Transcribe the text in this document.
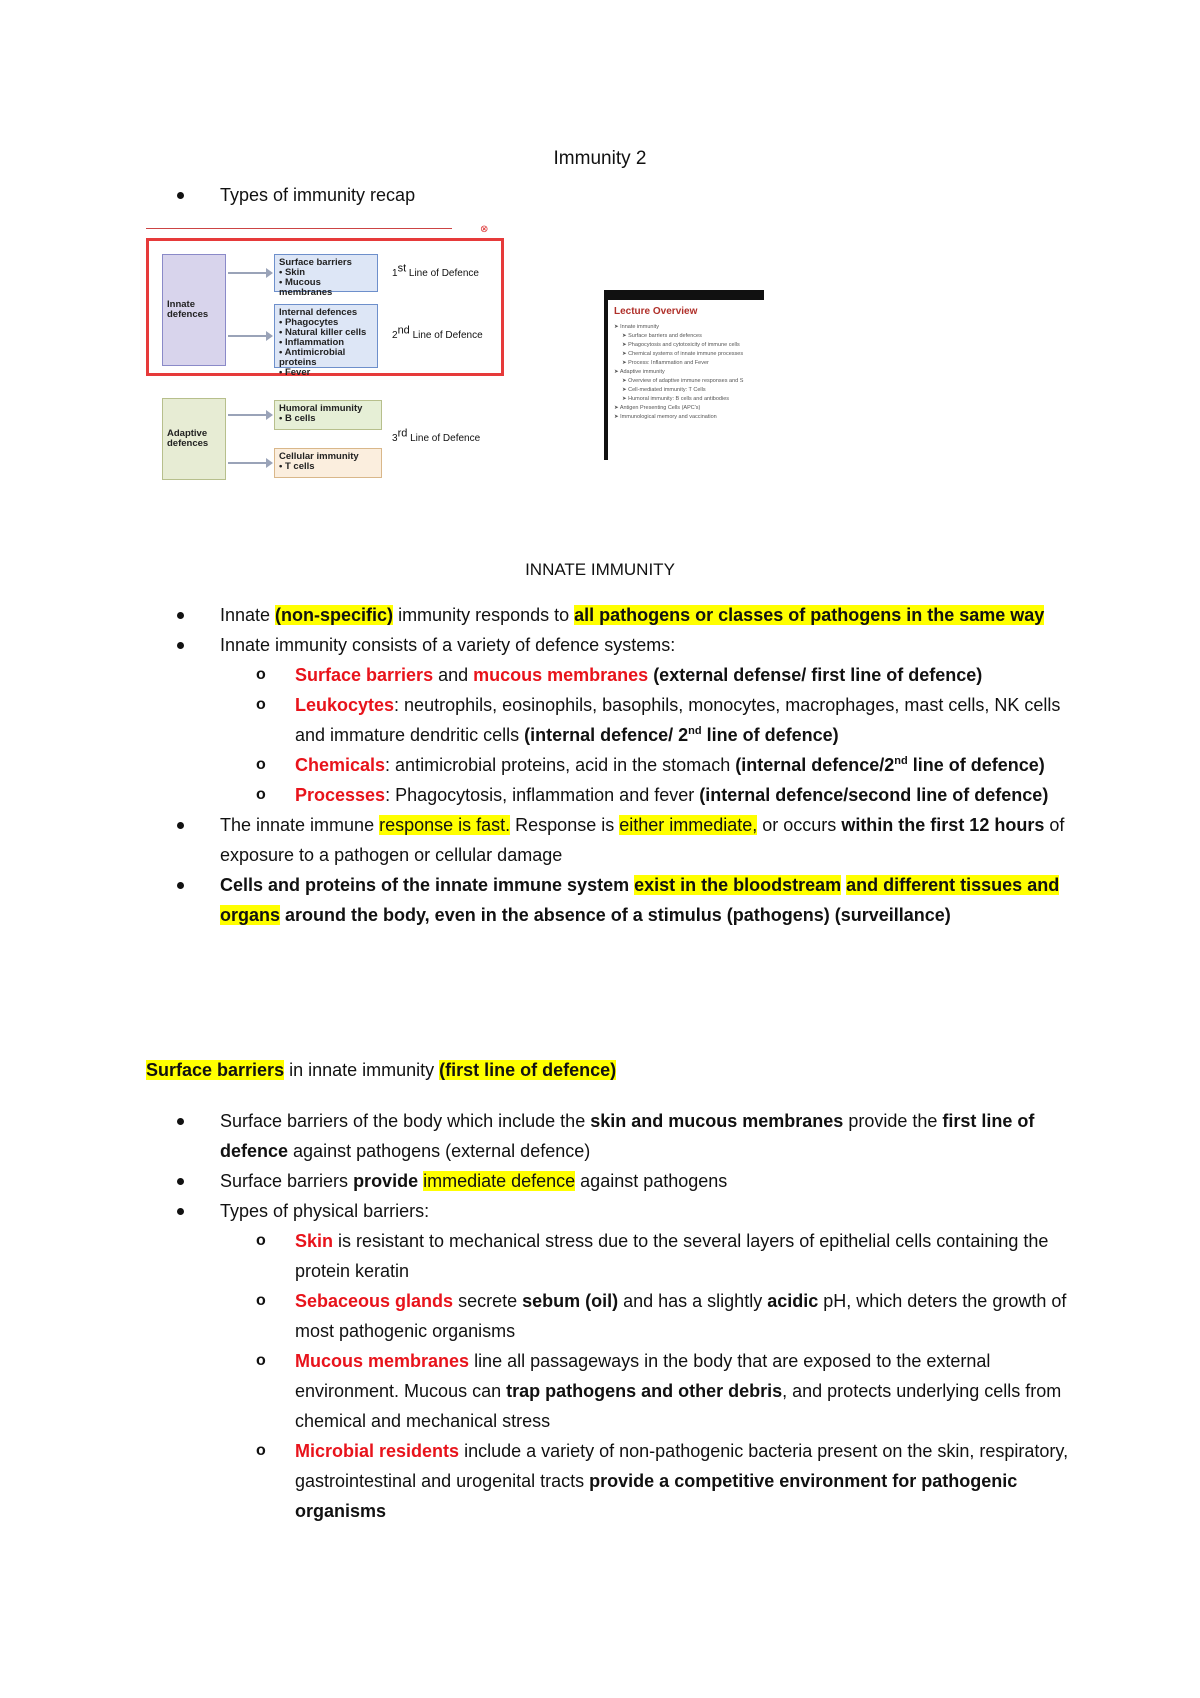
Immunity 2
Types of immunity recap
⊗
Innate defences
Surface barriers
• Skin
• Mucous membranes
Internal defences
• Phagocytes
• Natural killer cells
• Inflammation
• Antimicrobial proteins
• Fever
1st Line of Defence
2nd Line of Defence
Adaptive defences
Humoral immunity
• B cells
Cellular immunity
• T cells
3rd Line of Defence
Lecture Overview
➤ Innate immunity
➤ Surface barriers and defences
➤ Phagocytosis and cytotoxicity of immune cells
➤ Chemical systems of innate immune processes
➤ Process: Inflammation and Fever
➤ Adaptive immunity
➤ Overview of adaptive immune responses and S
➤ Cell-mediated immunity: T Cells
➤ Humoral immunity: B cells and antibodies
➤ Antigen Presenting Cells (APC's)
➤ Immunological memory and vaccination
INNATE IMMUNITY
Innate (non-specific) immunity responds to all pathogens or classes of pathogens in the same way
Innate immunity consists of a variety of defence systems:
o Surface barriers and mucous membranes (external defense/ first line of defence)
o Leukocytes: neutrophils, eosinophils, basophils, monocytes, macrophages, mast cells, NK cells and immature dendritic cells (internal defence/ 2nd line of defence)
o Chemicals: antimicrobial proteins, acid in the stomach (internal defence/2nd line of defence)
o Processes: Phagocytosis, inflammation and fever (internal defence/second line of defence)
The innate immune response is fast. Response is either immediate, or occurs within the first 12 hours of exposure to a pathogen or cellular damage
Cells and proteins of the innate immune system exist in the bloodstream and different tissues and organs around the body, even in the absence of a stimulus (pathogens) (surveillance)
Surface barriers in innate immunity (first line of defence)
Surface barriers of the body which include the skin and mucous membranes provide the first line of defence against pathogens (external defence)
Surface barriers provide immediate defence against pathogens
Types of physical barriers:
o Skin is resistant to mechanical stress due to the several layers of epithelial cells containing the protein keratin
o Sebaceous glands secrete sebum (oil) and has a slightly acidic pH, which deters the growth of most pathogenic organisms
o Mucous membranes line all passageways in the body that are exposed to the external environment. Mucous can trap pathogens and other debris, and protects underlying cells from chemical and mechanical stress
o Microbial residents include a variety of non-pathogenic bacteria present on the skin, respiratory, gastrointestinal and urogenital tracts provide a competitive environment for pathogenic organisms
